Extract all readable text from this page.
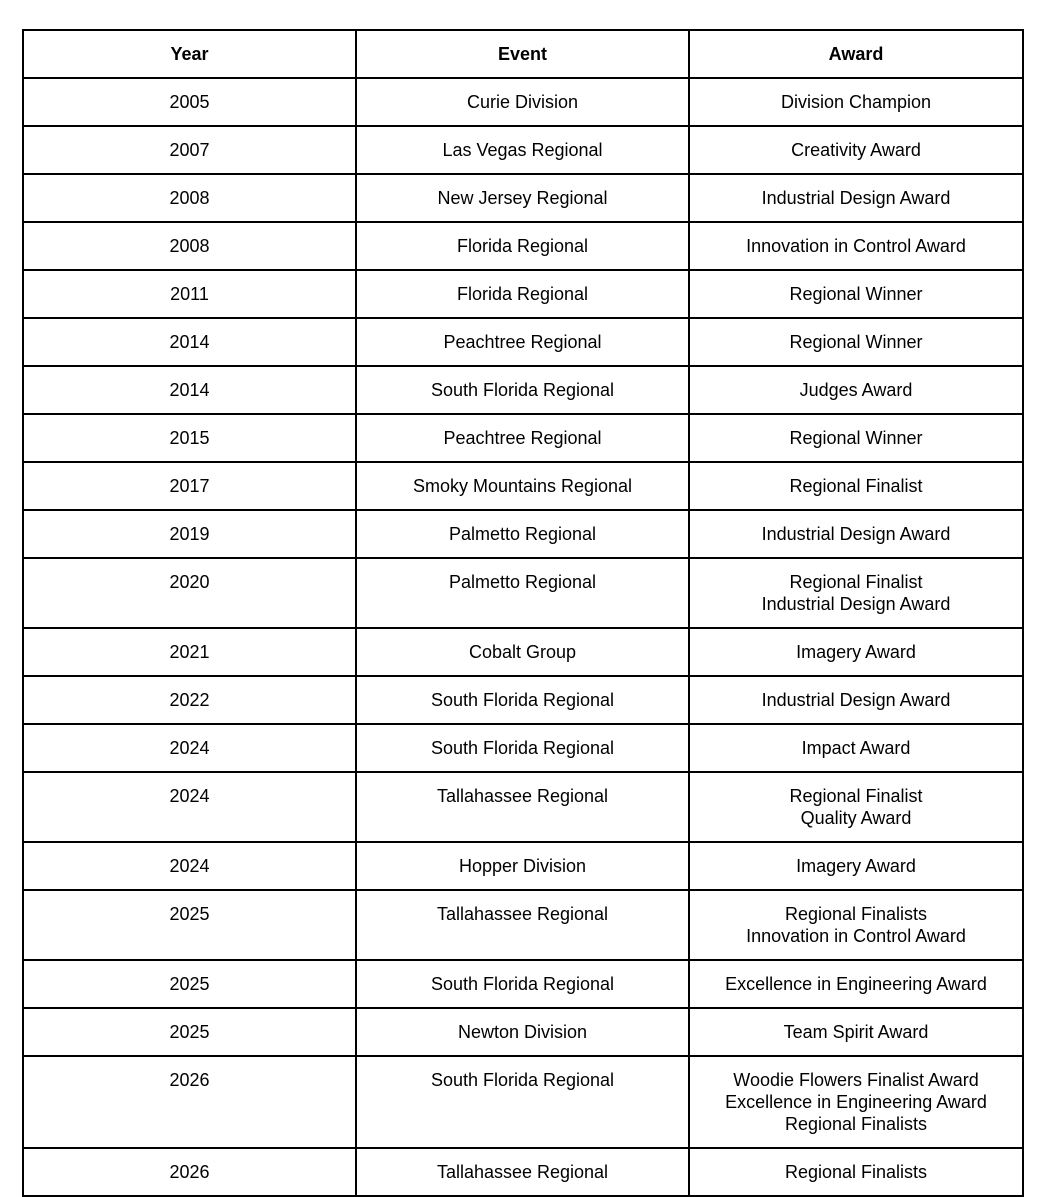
Year	Event	Award
2005	Curie Division	Division Champion

2007	Las Vegas Regional	Creativity Award

2008	New Jersey Regional	Industrial Design Award

2008	Florida Regional	Innovation in Control Award

2011	Florida Regional	Regional Winner

2014	Peachtree Regional	Regional Winner

2014	South Florida Regional	Judges Award

2015	Peachtree Regional	Regional Winner

2017	Smoky Mountains Regional	Regional Finalist

2019	Palmetto Regional	Industrial Design Award

2020	Palmetto Regional	Regional Finalist
Industrial Design Award

2021	Cobalt Group	Imagery Award

2022	South Florida Regional	Industrial Design Award

2024	South Florida Regional	Impact Award

2024	Tallahassee Regional	Regional Finalist
Quality Award

2024	Hopper Division	Imagery Award

2025	Tallahassee Regional	Regional Finalists
Innovation in Control Award

2025	South Florida Regional	Excellence in Engineering Award

2025	Newton Division	Team Spirit Award

2026	South Florida Regional	Woodie Flowers Finalist Award
Excellence in Engineering Award
Regional Finalists

2026	Tallahassee Regional	Regional Finalists
